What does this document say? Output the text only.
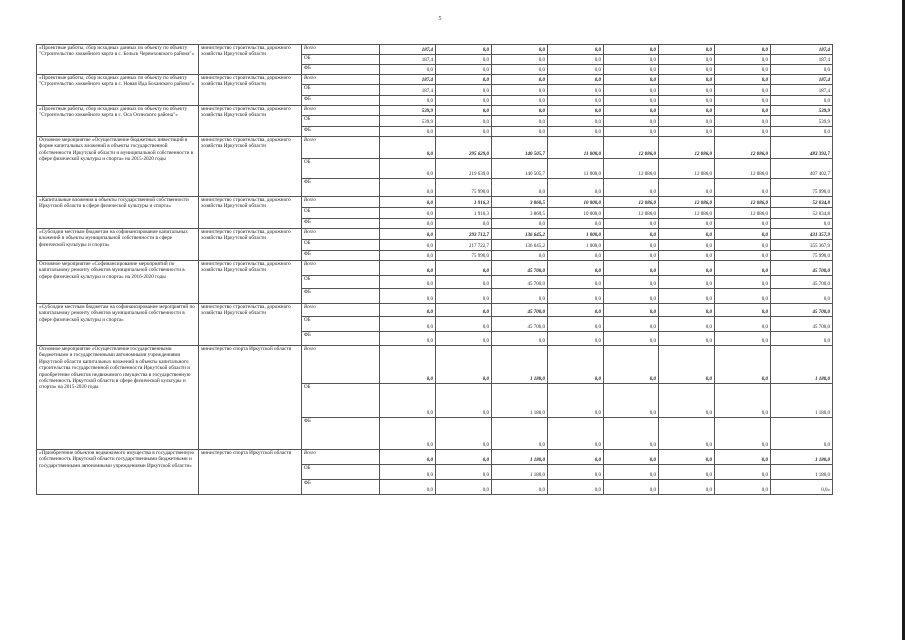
5
«Проектные работы, сбор исходных данных по объекту по объекту "Строительство хоккейного корта в с. Бельск Черемховского района"»	министерство строительства, дорожного хозяйства Иркутской области	Всего	187,4	0,0	0,0	0,0	0,0	0,0	0,0	187,4
		ОБ	187,4	0,0	0,0	0,0	0,0	0,0	0,0	187,4
		ФБ	0,0	0,0	0,0	0,0	0,0	0,0	0,0	0,0
«Проектные работы, сбор исходных данных по объекту по объекту "Строительство хоккейного корта в с. Новая Ида Боханского района"»	министерство строительства, дорожного хозяйства Иркутской области	Всего	187,4	0,0	0,0	0,0	0,0	0,0	0,0	187,4
		ОБ	187,4	0,0	0,0	0,0	0,0	0,0	0,0	187,4
		ФБ	0,0	0,0	0,0	0,0	0,0	0,0	0,0	0,0
«Проектные работы, сбор исходных данных по объекту по объекту "Строительство хоккейного корта в с. Оса Осинского района"»	министерство строительства, дорожного хозяйства Иркутской области	Всего	539,9	0,0	0,0	0,0	0,0	0,0	0,0	539,9
		ОБ	539,9	0,0	0,0	0,0	0,0	0,0	0,0	539,9
		ФБ	0,0	0,0	0,0	0,0	0,0	0,0	0,0	0,0
Основное мероприятие «Осуществление бюджетных инвестиций в форме капитальных вложений в объекты государственной собственности Иркутской области и муниципальной собственности в сфере физической культуры и спорта» на 2015-2020 годы	министерство строительства, дорожного хозяйства Иркутской области	Всего	0,0	295 629,0	140 505,7	11 000,0	12 086,0	12 086,0	12 086,0	483 392,7
		ОБ	0,0	219 639,0	140 505,7	11 000,0	12 086,0	12 086,0	12 086,0	407 402,7
		ФБ	0,0	75 990,0	0,0	0,0	0,0	0,0	0,0	75 990,0
«Капитальные вложения в объекты государственной собственности Иркутской области в сфере физической культуры и спорта»	министерство строительства, дорожного хозяйства Иркутской области	Всего	0,0	1 916,3	3 860,5	10 000,0	12 086,0	12 086,0	12 086,0	52 034,8
		ОБ	0,0	1 916,3	3 860,5	10 000,0	12 086,0	12 086,0	12 086,0	52 034,8
		ФБ	0,0	0,0	0,0	0,0	0,0	0,0	0,0	0,0
«Субсидии местным бюджетам на софинансирование капитальных вложений в объекты муниципальной собственности в сфере физической культуры и спорта»	министерство строительства, дорожного хозяйства Иркутской области	Всего	0,0	293 712,7	136 645,2	1 000,0	0,0	0,0	0,0	431 357,9
		ОБ	0,0	217 722,7	136 645,2	1 000,0	0,0	0,0	0,0	355 367,9
		ФБ	0,0	75 990,0	0,0	0,0	0,0	0,0	0,0	75 990,0
Основное мероприятие «Софинансирование мероприятий по капитальному ремонту объектов муниципальной собственности в сфере физической культуры и спорта» на 2016-2020 годы	министерство строительства, дорожного хозяйства Иркутской области	Всего	0,0	0,0	45 700,0	0,0	0,0	0,0	0,0	45 700,0
		ОБ	0,0	0,0	45 700,0	0,0	0,0	0,0	0,0	45 700,0
		ФБ	0,0	0,0	0,0	0,0	0,0	0,0	0,0	0,0
«Субсидии местным бюджетам на софинансирование мероприятий по капитальному ремонту объектов муниципальной собственности в сфере физической культуры и спорта»	министерство строительства, дорожного хозяйства Иркутской области	Всего	0,0	0,0	45 700,0	0,0	0,0	0,0	0,0	45 700,0
		ОБ	0,0	0,0	45 700,0	0,0	0,0	0,0	0,0	45 700,0
		ФБ	0,0	0,0	0,0	0,0	0,0	0,0	0,0	0,0
Основное мероприятие «Осуществление государственными бюджетными и государственными автономными учреждениями Иркутской области капитальных вложений в объекты капитального строительства государственной собственности Иркутской области и приобретение объектов недвижимого имущества в государственную собственность Иркутской области в сфере физической культуры и спорта» на 2015-2020 годы	министерство спорта Иркутской области	Всего	0,0	0,0	1 180,0	0,0	0,0	0,0	0,0	1 180,0
		ОБ	0,0	0,0	1 180,0	0,0	0,0	0,0	0,0	1 180,0
		ФБ	0,0	0,0	0,0	0,0	0,0	0,0	0,0	0,0
«Приобретение объектов недвижимого имущества в государственную собственность Иркутской области государственными бюджетными и государственными автономными учреждениями Иркутской области»	министерство спорта Иркутской области	Всего	0,0	0,0	1 180,0	0,0	0,0	0,0	0,0	1 180,0
		ОБ	0,0	0,0	1 180,0	0,0	0,0	0,0	0,0	1 180,0
		ФБ	0,0	0,0	0,0	0,0	0,0	0,0	0,0	0,0»
